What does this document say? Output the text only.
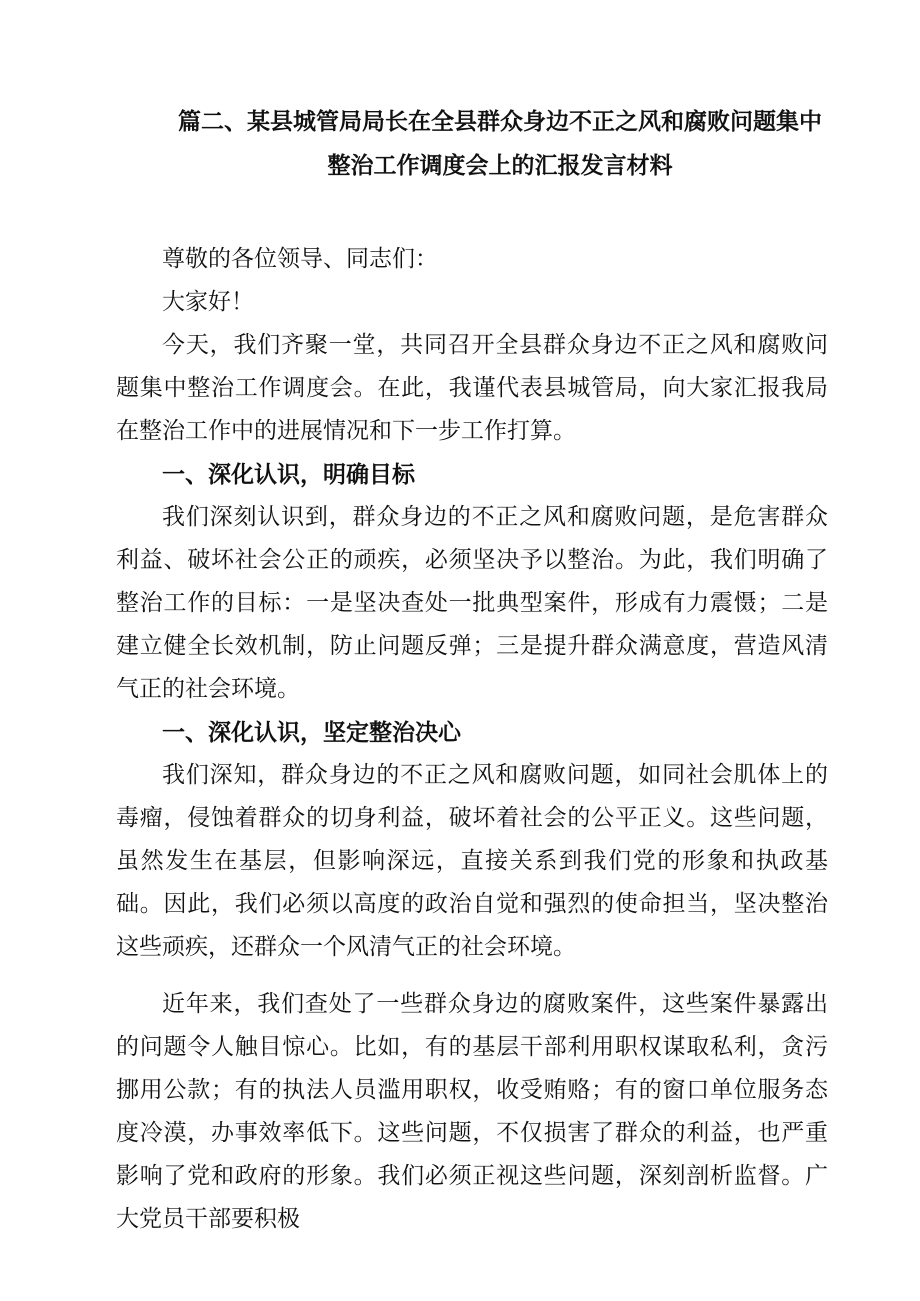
篇二、某县城管局局长在全县群众身边不正之风和腐败问题集中
整治工作调度会上的汇报发言材料

尊敬的各位领导、同志们：

大家好！

今天，我们齐聚一堂，共同召开全县群众身边不正之风和腐败问题集中整治工作调度会。在此，我谨代表县城管局，向大家汇报我局在整治工作中的进展情况和下一步工作打算。

一、深化认识，明确目标

我们深刻认识到，群众身边的不正之风和腐败问题，是危害群众利益、破坏社会公正的顽疾，必须坚决予以整治。为此，我们明确了整治工作的目标：一是坚决查处一批典型案件，形成有力震慑；二是建立健全长效机制，防止问题反弹；三是提升群众满意度，营造风清气正的社会环境。

一、深化认识，坚定整治决心

我们深知，群众身边的不正之风和腐败问题，如同社会肌体上的毒瘤，侵蚀着群众的切身利益，破坏着社会的公平正义。这些问题，虽然发生在基层，但影响深远，直接关系到我们党的形象和执政基础。因此，我们必须以高度的政治自觉和强烈的使命担当，坚决整治这些顽疾，还群众一个风清气正的社会环境。

近年来，我们查处了一些群众身边的腐败案件，这些案件暴露出的问题令人触目惊心。比如，有的基层干部利用职权谋取私利，贪污挪用公款；有的执法人员滥用职权，收受贿赂；有的窗口单位服务态度冷漠，办事效率低下。这些问题，不仅损害了群众的利益，也严重影响了党和政府的形象。我们必须正视这些问题，深刻剖析监督。广大党员干部要积极
